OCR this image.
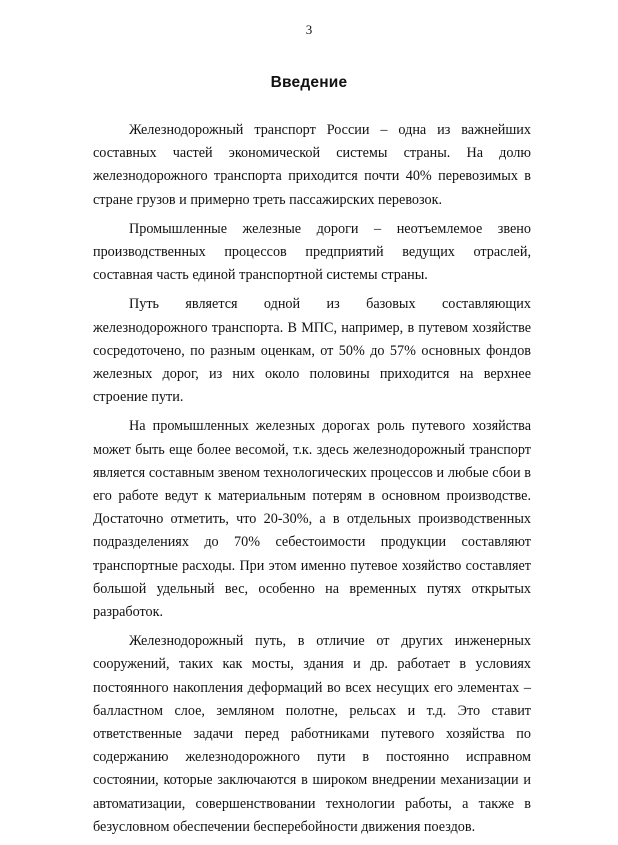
3
Введение

Железнодорожный транспорт России – одна из важнейших составных частей экономической системы страны. На долю железнодорожного транспорта приходится почти 40% перевозимых в стране грузов и примерно треть пассажирских перевозок.

Промышленные железные дороги – неотъемлемое звено производственных процессов предприятий ведущих отраслей, составная часть единой транспортной системы страны.

Путь является одной из базовых составляющих железнодорожного транспорта. В МПС, например, в путевом хозяйстве сосредоточено, по разным оценкам, от 50% до 57% основных фондов железных дорог, из них около половины приходится на верхнее строение пути.

На промышленных железных дорогах роль путевого хозяйства может быть еще более весомой, т.к. здесь железнодорожный транспорт является составным звеном технологических процессов и любые сбои в его работе ведут к материальным потерям в основном производстве. Достаточно отметить, что 20-30%, а в отдельных производственных подразделениях до 70% себестоимости продукции составляют транспортные расходы. При этом именно путевое хозяйство составляет большой удельный вес, особенно на временных путях открытых разработок.

Железнодорожный путь, в отличие от других инженерных сооружений, таких как мосты, здания и др. работает в условиях постоянного накопления деформаций во всех несущих его элементах – балластном слое, земляном полотне, рельсах и т.д. Это ставит ответственные задачи перед работниками путевого хозяйства по содержанию железнодорожного пути в постоянно исправном состоянии, которые заключаются в широком внедрении механизации и автоматизации, совершенствовании технологии работы, а также в безусловном обеспечении бесперебойности движения поездов.
